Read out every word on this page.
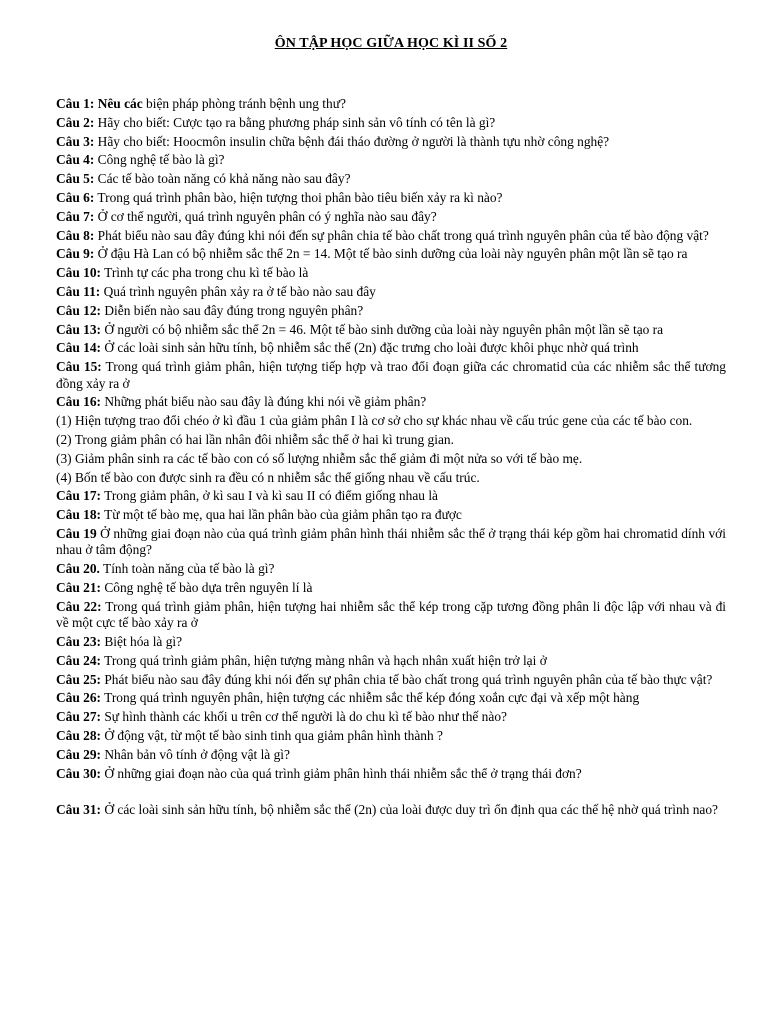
ÔN TẬP HỌC GIỮA HỌC KÌ II SỐ 2

Câu 1: Nêu các biện pháp phòng tránh bệnh ung thư?

Câu 2: Hãy cho biết: Cược tạo ra bằng phương pháp sinh sản vô tính có tên là gì?

Câu 3: Hãy cho biết: Hoocmôn insulin chữa bệnh đái tháo đường ở người là thành tựu nhờ công nghệ?

Câu 4: Công nghệ tế bào là gì?

Câu 5: Các tế bào toàn năng có khả năng nào sau đây?

Câu 6: Trong quá trình phân bào, hiện tượng thoi phân bào tiêu biến xảy ra kì nào?

Câu 7: Ở cơ thể người, quá trình nguyên phân có ý nghĩa nào sau đây?

Câu 8: Phát biểu nào sau đây đúng khi nói đến sự phân chia tế bào chất trong quá trình nguyên phân của tế bào động vật?

Câu 9: Ở đậu Hà Lan có bộ nhiễm sắc thể 2n = 14. Một tế bào sinh dưỡng của loài này nguyên phân một lần sẽ tạo ra

Câu 10: Trình tự các pha trong chu kì tế bào là

Câu 11: Quá trình nguyên phân xảy ra ở tế bào nào sau đây

Câu 12: Diễn biến nào sau đây đúng trong nguyên phân?

Câu 13: Ở người có bộ nhiễm sắc thể 2n = 46. Một tế bào sinh dưỡng của loài này nguyên phân một lần sẽ tạo ra

Câu 14: Ở các loài sinh sản hữu tính, bộ nhiễm sắc thể (2n) đặc trưng cho loài được khôi phục nhờ quá trình

Câu 15: Trong quá trình giảm phân, hiện tượng tiếp hợp và trao đổi đoạn giữa các chromatid của các nhiễm sắc thể tương đồng xảy ra ở

Câu 16: Những phát biểu nào sau đây là đúng khi nói về giảm phân?

(1) Hiện tượng trao đổi chéo ở kì đầu 1 của giảm phân I là cơ sở cho sự khác nhau về cấu trúc gene của các tế bào con.

(2) Trong giảm phân có hai lần nhân đôi nhiễm sắc thể ở hai kì trung gian.

(3) Giảm phân sinh ra các tế bào con có số lượng nhiễm sắc thể giảm đi một nửa so với tế bào mẹ.

(4) Bốn tế bào con được sinh ra đều có n nhiễm sắc thể giống nhau về cấu trúc.

Câu 17: Trong giảm phân, ở kì sau I và kì sau II có điểm giống nhau là

Câu 18: Từ một tế bào mẹ, qua hai lần phân bào của giảm phân tạo ra được

Câu 19 Ở những giai đoạn nào của quá trình giảm phân hình thái nhiễm sắc thể ở trạng thái kép gồm hai chromatid dính với nhau ở tâm động?

Câu 20. Tính toàn năng của tế bào là gì?

Câu 21: Công nghệ tế bào dựa trên nguyên lí là

Câu 22: Trong quá trình giảm phân, hiện tượng hai nhiễm sắc thể kép trong cặp tương đồng phân li độc lập với nhau và đi về một cực tế bào xảy ra ở

Câu 23: Biệt hóa là gì?

Câu 24: Trong quá trình giảm phân, hiện tượng màng nhân và hạch nhân xuất hiện trở lại ở

Câu 25: Phát biểu nào sau đây đúng khi nói đến sự phân chia tế bào chất trong quá trình nguyên phân của tế bào thực vật?

Câu 26: Trong quá trình nguyên phân, hiện tượng các nhiễm sắc thể kép đóng xoắn cực đại và xếp một hàng

Câu 27: Sự hình thành các khối u trên cơ thể người là do chu kì tế bào như thế nào?

Câu 28: Ở động vật, từ một tế bào sinh tinh qua giảm phân hình thành ?

Câu 29: Nhân bản vô tính ở động vật là gì?

Câu 30: Ở những giai đoạn nào của quá trình giảm phân hình thái nhiễm sắc thể ở trạng thái đơn?

Câu 31: Ở các loài sinh sản hữu tính, bộ nhiễm sắc thể (2n) của loài được duy trì ổn định qua các thế hệ nhờ quá trình nao?
